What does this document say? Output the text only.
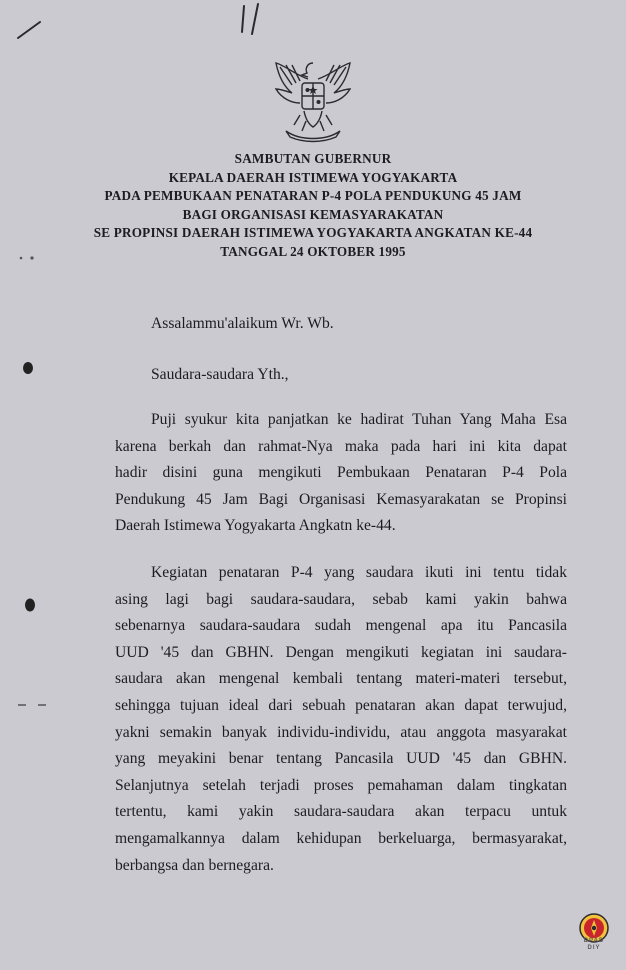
SAMBUTAN GUBERNUR
KEPALA DAERAH ISTIMEWA YOGYAKARTA
PADA PEMBUKAAN PENATARAN P-4 POLA PENDUKUNG 45 JAM
BAGI ORGANISASI KEMASYARAKATAN
SE PROPINSI DAERAH ISTIMEWA YOGYAKARTA ANGKATAN KE-44
TANGGAL 24 OKTOBER 1995
Assalammu'alaikum Wr. Wb.
Saudara-saudara Yth.,
Puji syukur kita panjatkan ke hadirat Tuhan Yang Maha Esa
karena berkah dan rahmat-Nya maka pada hari ini kita dapat
hadir disini guna mengikuti Pembukaan Penataran P-4 Pola
Pendukung 45 Jam Bagi Organisasi Kemasyarakatan se Propinsi
Daerah Istimewa Yogyakarta Angkatn ke-44.
Kegiatan penataran P-4 yang saudara ikuti ini tentu tidak
asing lagi bagi saudara-saudara, sebab kami yakin bahwa
sebenarnya saudara-saudara sudah mengenal apa itu Pancasila
UUD '45 dan GBHN. Dengan mengikuti kegiatan ini saudara-
saudara akan mengenal kembali tentang materi-materi tersebut,
sehingga tujuan ideal dari sebuah penataran akan dapat terwujud,
yakni semakin banyak individu-individu, atau anggota masyarakat
yang meyakini benar tentang Pancasila UUD '45 dan GBHN.
Selanjutnya setelah terjadi proses pemahaman dalam tingkatan
tertentu, kami yakin saudara-saudara akan terpacu untuk
mengamalkannya dalam kehidupan berkeluarga, bermasyarakat,
berbangsa dan bernegara.
DPAD
DIY
